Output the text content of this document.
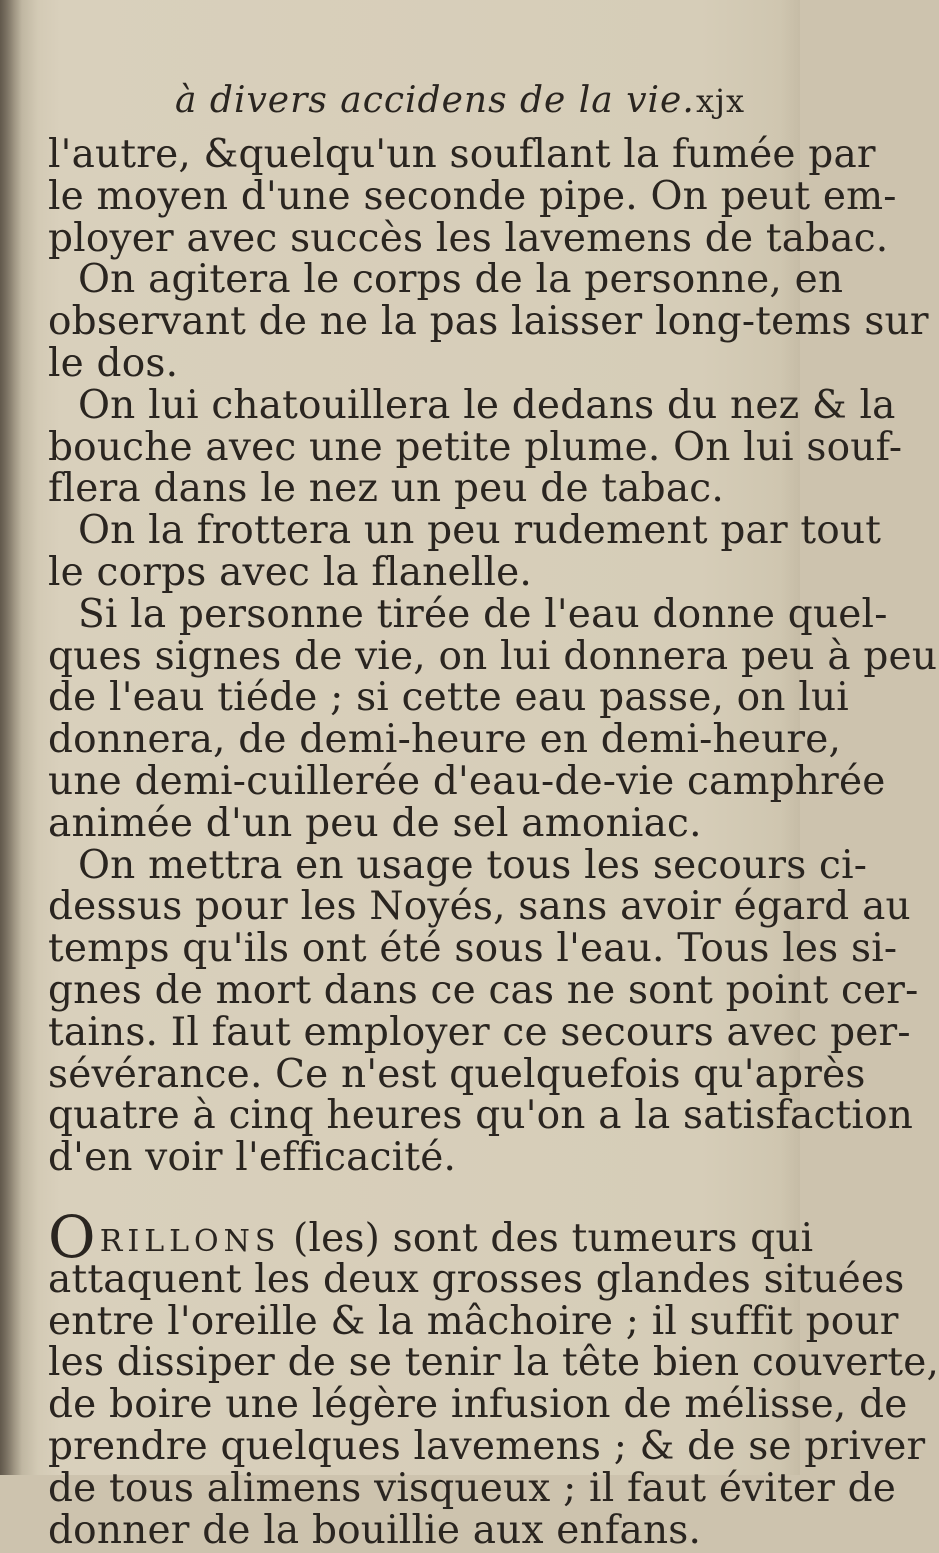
à divers accidens de la vie. xjx
l'autre, &quelqu'un souflant la fumée par
le moyen d'une seconde pipe. On peut em-
ployer avec succès les lavemens de tabac.
On agitera le corps de la personne, en
observant de ne la pas laisser long-tems sur
le dos.
On lui chatouillera le dedans du nez & la
bouche avec une petite plume. On lui souf-
flera dans le nez un peu de tabac.
On la frottera un peu rudement par tout
le corps avec la flanelle.
Si la personne tirée de l'eau donne quel-
ques signes de vie, on lui donnera peu à peu
de l'eau tiéde ; si cette eau passe, on lui
donnera, de demi-heure en demi-heure,
une demi-cuillerée d'eau-de-vie camphrée
animée d'un peu de sel amoniac.
On mettra en usage tous les secours ci-
dessus pour les Noyés, sans avoir égard au
temps qu'ils ont été sous l'eau. Tous les si-
gnes de mort dans ce cas ne sont point cer-
tains. Il faut employer ce secours avec per-
sévérance. Ce n'est quelquefois qu'après
quatre à cinq heures qu'on a la satisfaction
d'en voir l'efficacité.
ORILLONS (les) sont des tumeurs qui
attaquent les deux grosses glandes situées
entre l'oreille & la mâchoire ; il suffit pour
les dissiper de se tenir la tête bien couverte,
de boire une légère infusion de mélisse, de
prendre quelques lavemens ; & de se priver
de tous alimens visqueux ; il faut éviter de
donner de la bouillie aux enfans.
